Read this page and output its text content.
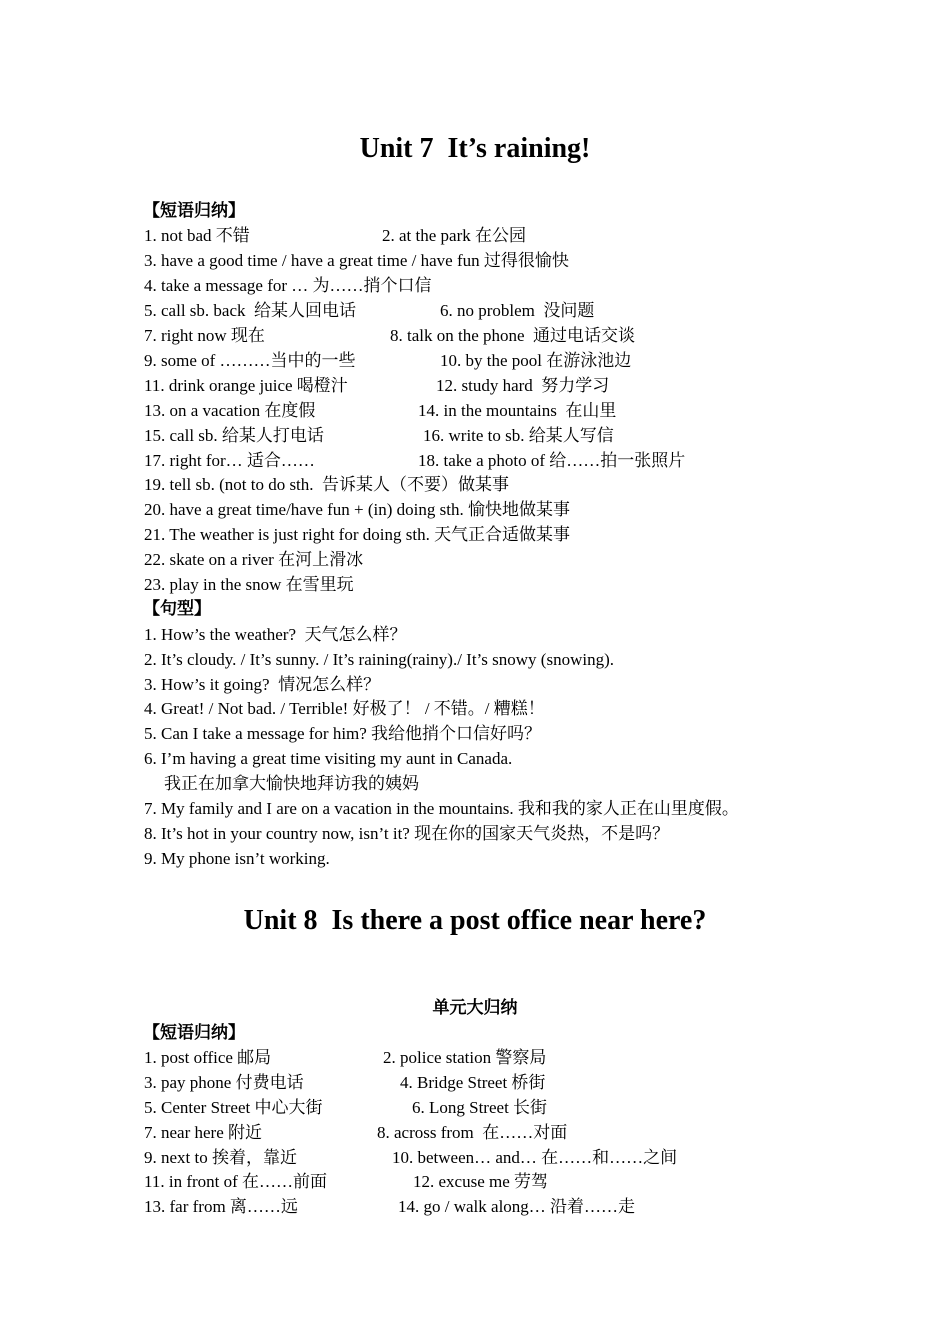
Unit 7  It’s raining!
【短语归纳】
1. not bad 不错	2. at the park 在公园
3. have a good time / have a great time / have fun 过得很愉快
4. take a message for … 为……捎个口信
5. call sb. back  给某人回电话	6. no problem  没问题
7. right now 现在	8. talk on the phone  通过电话交谈
9. some of ………当中的一些	10. by the pool 在游泳池边
11. drink orange juice 喝橙汁	12. study hard  努力学习
13. on a vacation 在度假	14. in the mountains  在山里
15. call sb. 给某人打电话	16. write to sb. 给某人写信
17. right for… 适合……	18. take a photo of 给……拍一张照片
19. tell sb. (not to do sth.  告诉某人（不要）做某事
20. have a great time/have fun + (in) doing sth. 愉快地做某事
21. The weather is just right for doing sth. 天气正合适做某事
22. skate on a river 在河上滑冰
23. play in the snow 在雪里玩
【句型】
1. How’s the weather?  天气怎么样？
2. It’s cloudy. / It’s sunny. / It’s raining(rainy)./ It’s snowy (snowing).
3. How’s it going?  情况怎么样？
4. Great! / Not bad. / Terrible! 好极了！ / 不错。/ 糟糕！
5. Can I take a message for him? 我给他捎个口信好吗？
6. I’m having a great time visiting my aunt in Canada.
我正在加拿大愉快地拜访我的姨妈
7. My family and I are on a vacation in the mountains. 我和我的家人正在山里度假。
8. It’s hot in your country now, isn’t it? 现在你的国家天气炎热，不是吗？
9. My phone isn’t working.
Unit 8  Is there a post office near here?
单元大归纳
【短语归纳】
1. post office 邮局	2. police station 警察局
3. pay phone 付费电话	4. Bridge Street 桥街
5. Center Street 中心大街	6. Long Street 长街
7. near here 附近	8. across from  在……对面
9. next to 挨着，靠近	10. between… and… 在……和……之间
11. in front of 在……前面	12. excuse me 劳驾
13. far from 离……远	14. go / walk along… 沿着……走
